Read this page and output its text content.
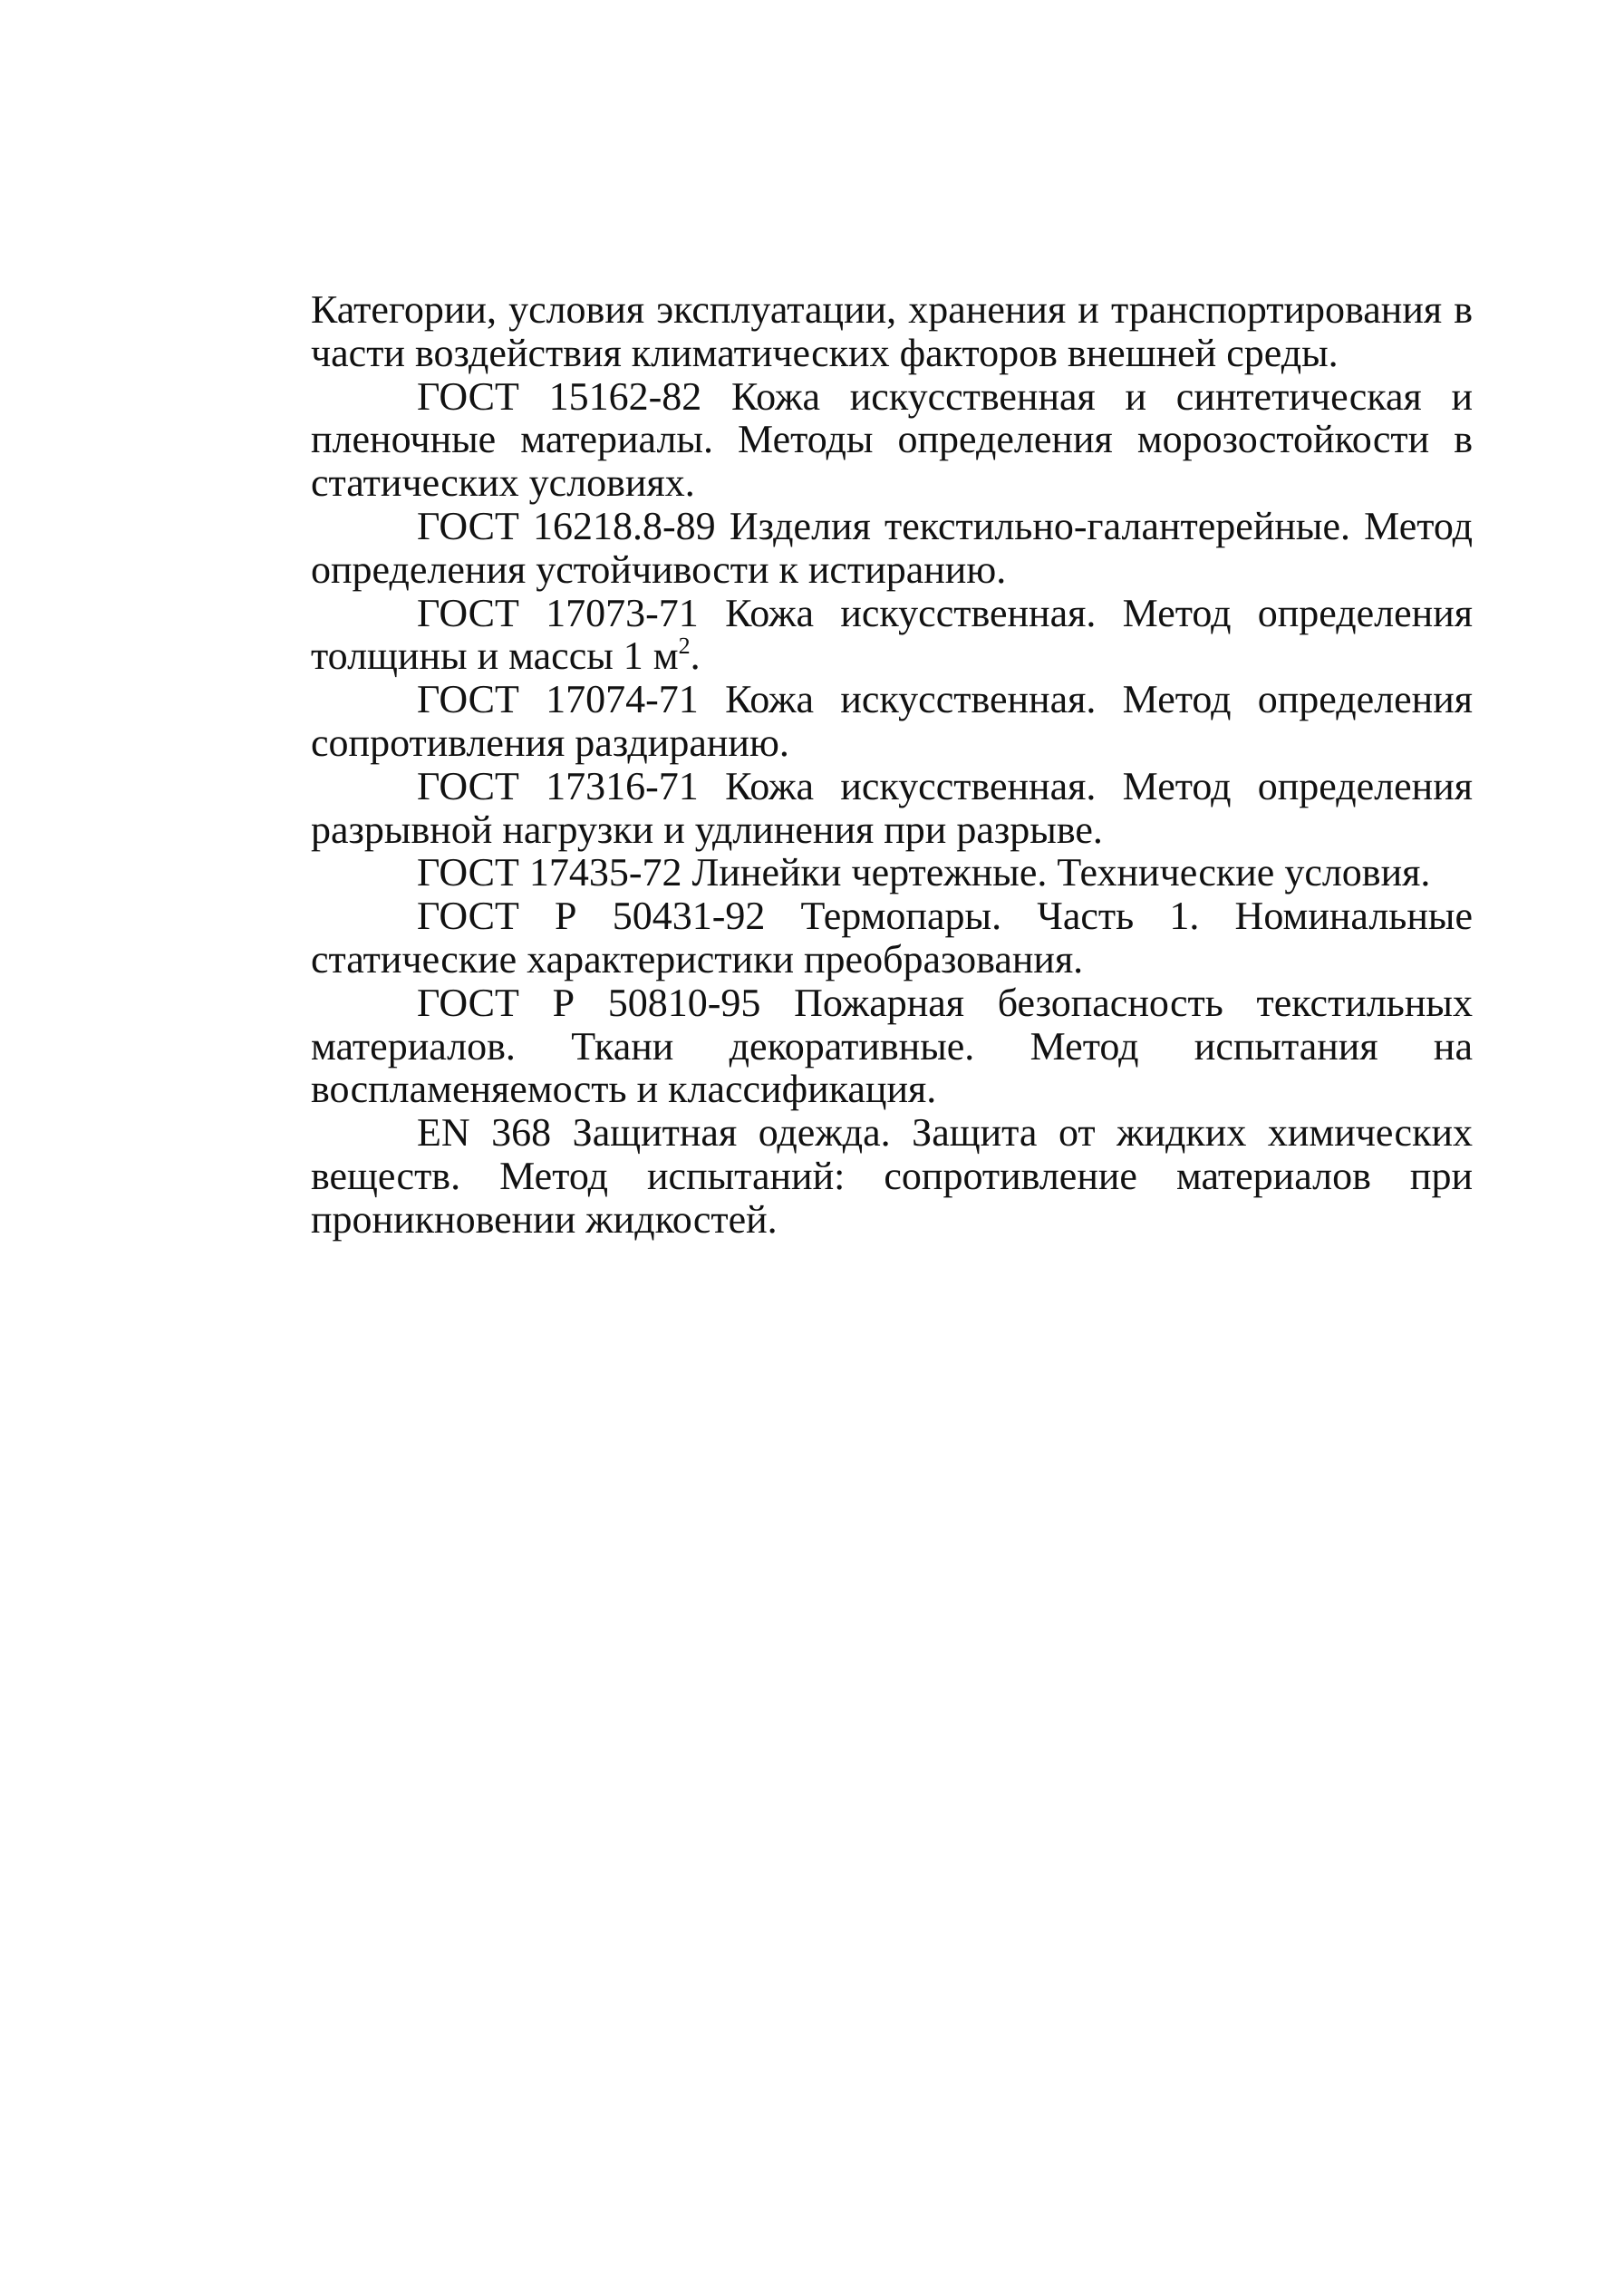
Категории, условия эксплуатации, хранения и транспортирования в части воздействия климатических факторов внешней среды.

ГОСТ 15162-82 Кожа искусственная и синтетическая и пленочные материалы. Методы определения морозостойкости в статических условиях.

ГОСТ 16218.8-89 Изделия текстильно-галантерейные. Метод определения устойчивости к истиранию.

ГОСТ 17073-71 Кожа искусственная. Метод определения толщины и массы 1 $м^2$.

ГОСТ 17074-71 Кожа искусственная. Метод определения сопротивления раздиранию.

ГОСТ 17316-71 Кожа искусственная. Метод определения разрывной нагрузки и удлинения при разрыве.

ГОСТ 17435-72 Линейки чертежные. Технические условия.

ГОСТ Р 50431-92 Термопары. Часть 1. Номинальные статические характеристики преобразования.

ГОСТ Р 50810-95 Пожарная безопасность текстильных материалов. Ткани декоративные. Метод испытания на воспламеняемость и классификация.

EN 368 Защитная одежда. Защита от жидких химических веществ. Метод испытаний: сопротивление материалов при проникновении жидкостей.
